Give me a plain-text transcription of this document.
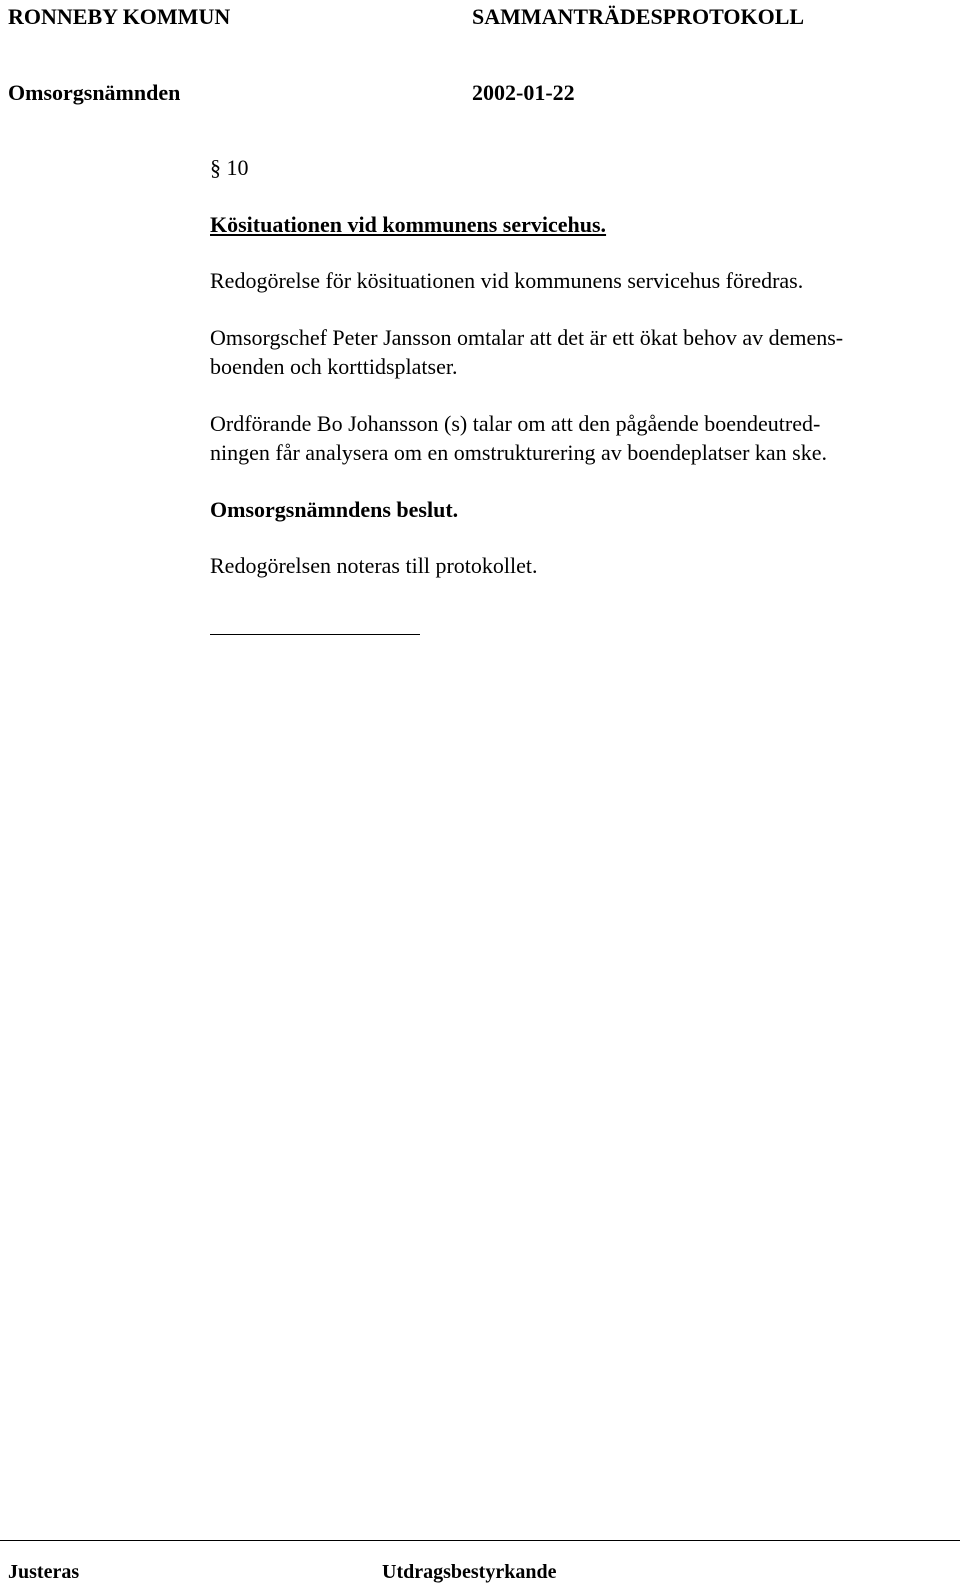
RONNEBY KOMMUN	SAMMANTRÄDESPROTOKOLL
Omsorgsnämnden	2002-01-22
§ 10
Kösituationen vid kommunens servicehus.
Redogörelse för kösituationen vid kommunens servicehus föredras.
Omsorgschef Peter Jansson omtalar att det är ett ökat behov av demens-
boenden och korttidsplatser.
Ordförande Bo Johansson (s) talar om att den pågående boendeutred-
ningen får analysera om en omstrukturering av boendeplatser kan ske.
Omsorgsnämndens beslut.
Redogörelsen noteras till protokollet.
Justeras	Utdragsbestyrkande
